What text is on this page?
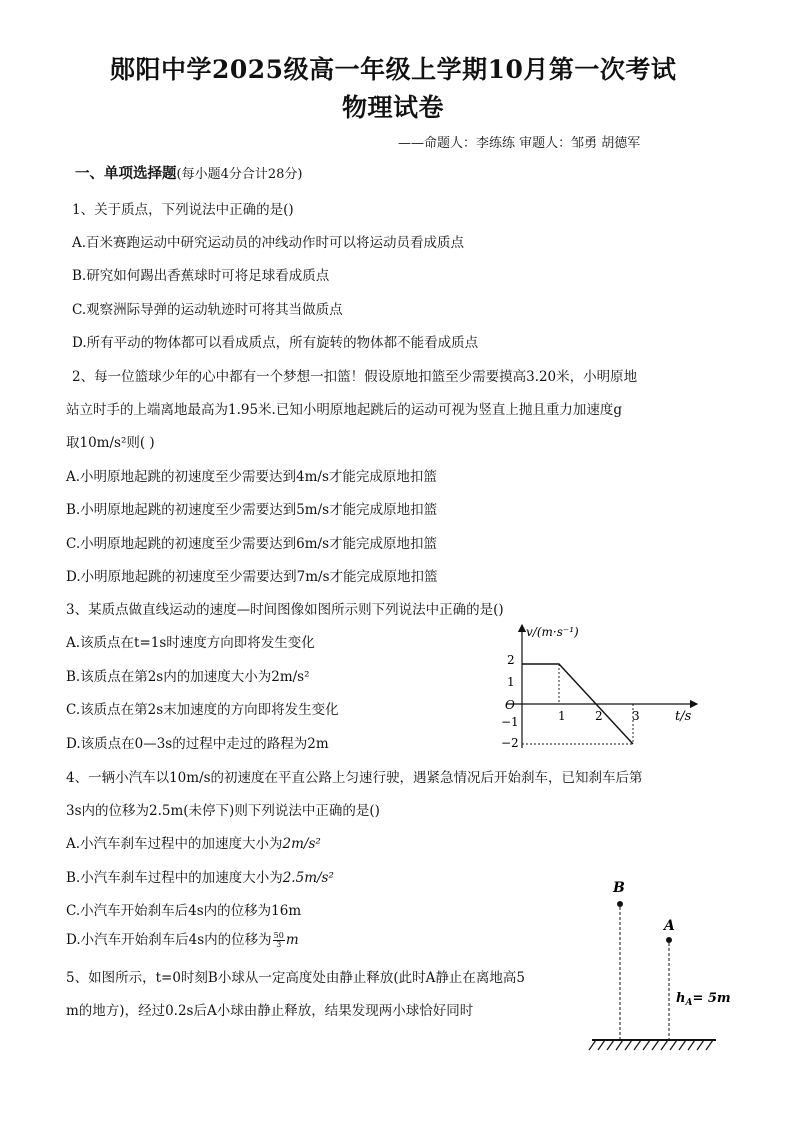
郧阳中学2025级高一年级上学期10月第一次考试
物理试卷
——命题人：李练练 审题人：邹勇 胡德军
一、单项选择题(每小题4分合计28分)
1、关于质点，下列说法中正确的是()
A.百米赛跑运动中研究运动员的冲线动作时可以将运动员看成质点
B.研究如何踢出香蕉球时可将足球看成质点
C.观察洲际导弹的运动轨迹时可将其当做质点
D.所有平动的物体都可以看成质点，所有旋转的物体都不能看成质点
2、每一位篮球少年的心中都有一个梦想一扣篮！假设原地扣篮至少需要摸高3.20米，小明原地
站立时手的上端离地最高为1.95米.已知小明原地起跳后的运动可视为竖直上抛且重力加速度g
取10m/s²则( )
A.小明原地起跳的初速度至少需要达到4m/s才能完成原地扣篮
B.小明原地起跳的初速度至少需要达到5m/s才能完成原地扣篮
C.小明原地起跳的初速度至少需要达到6m/s才能完成原地扣篮
D.小明原地起跳的初速度至少需要达到7m/s才能完成原地扣篮
3、某质点做直线运动的速度—时间图像如图所示则下列说法中正确的是()
A.该质点在t=1s时速度方向即将发生变化
B.该质点在第2s内的加速度大小为2m/s²
C.该质点在第2s末加速度的方向即将发生变化
D.该质点在0—3s的过程中走过的路程为2m
v/(m·s⁻¹)
t/s
O
2
1
−1
−2
1 2 3
4、一辆小汽车以10m/s的初速度在平直公路上匀速行驶，遇紧急情况后开始刹车，已知刹车后第
3s内的位移为2.5m(未停下)则下列说法中正确的是()
A.小汽车刹车过程中的加速度大小为2m/s²
B.小汽车刹车过程中的加速度大小为2.5m/s²
C.小汽车开始刹车后4s内的位移为16m
D.小汽车开始刹车后4s内的位移为 $\frac{50}{3}$ m
5、如图所示，t=0时刻B小球从一定高度处由静止释放(此时A静止在离地高5
m的地方)，经过0.2s后A小球由静止释放，结果发现两小球恰好同时
B
A
$h_A= 5m$
